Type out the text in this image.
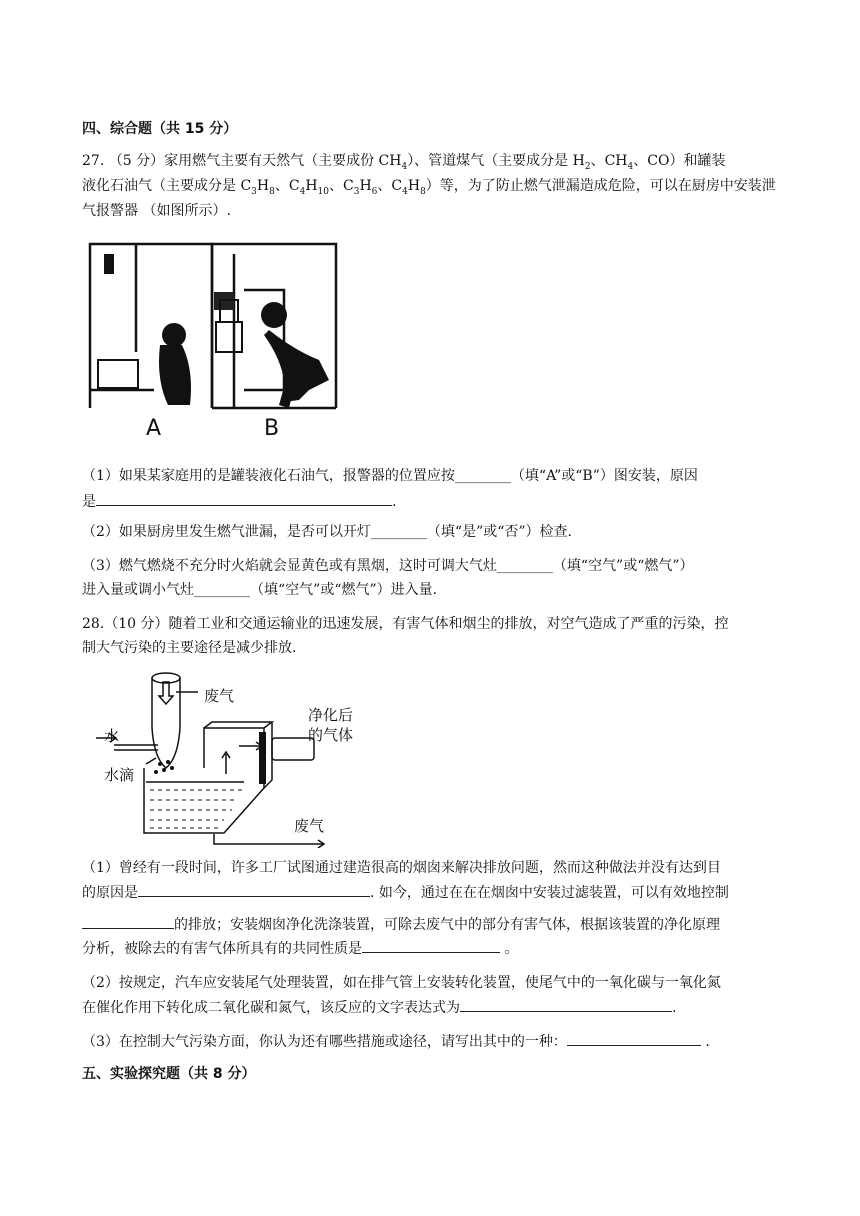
四、综合题（共 15 分）
27. （5 分）家用燃气主要有天然气（主要成份 $CH_4$）、管道煤气（主要成分是 $H_2$、$CH_4$、CO）和罐装
液化石油气（主要成分是 $C_3H_8$、$C_4H_{10}$、$C_3H_6$、$C_4H_8$）等，为了防止燃气泄漏造成危险，可以在厨房中安装泄
气报警器 （如图所示）.
A	B
（1）如果某家庭用的是罐装液化石油气，报警器的位置应按________（填“A”或“B”）图安装，原因
是	.
（2）如果厨房里发生燃气泄漏，是否可以开灯________（填“是”或“否”）检查.
（3）燃气燃烧不充分时火焰就会显黄色或有黑烟，这时可调大气灶________（填“空气”或“燃气”）
进入量或调小气灶________（填“空气”或“燃气”）进入量.
28.（10 分）随着工业和交通运输业的迅速发展，有害气体和烟尘的排放，对空气造成了严重的污染，控
制大气污染的主要途径是减少排放.
废气
水
水滴
净化后
的气体
废气
（1）曾经有一段时间，许多工厂试图通过建造很高的烟囱来解决排放问题，然而这种做法并没有达到目
的原因是	. 如今，通过在在在烟囱中安装过滤装置，可以有效地控制
的排放；安装烟囱净化洗涤装置，可除去废气中的部分有害气体，根据该装置的净化原理
分析，被除去的有害气体所具有的共同性质是	。
（2）按规定，汽车应安装尾气处理装置，如在排气管上安装转化装置，使尾气中的一氧化碳与一氧化氮
在催化作用下转化成二氧化碳和氮气，该反应的文字表达式为	.
（3）在控制大气污染方面，你认为还有哪些措施或途径，请写出其中的一种：	.
五、实验探究题（共 8 分）
